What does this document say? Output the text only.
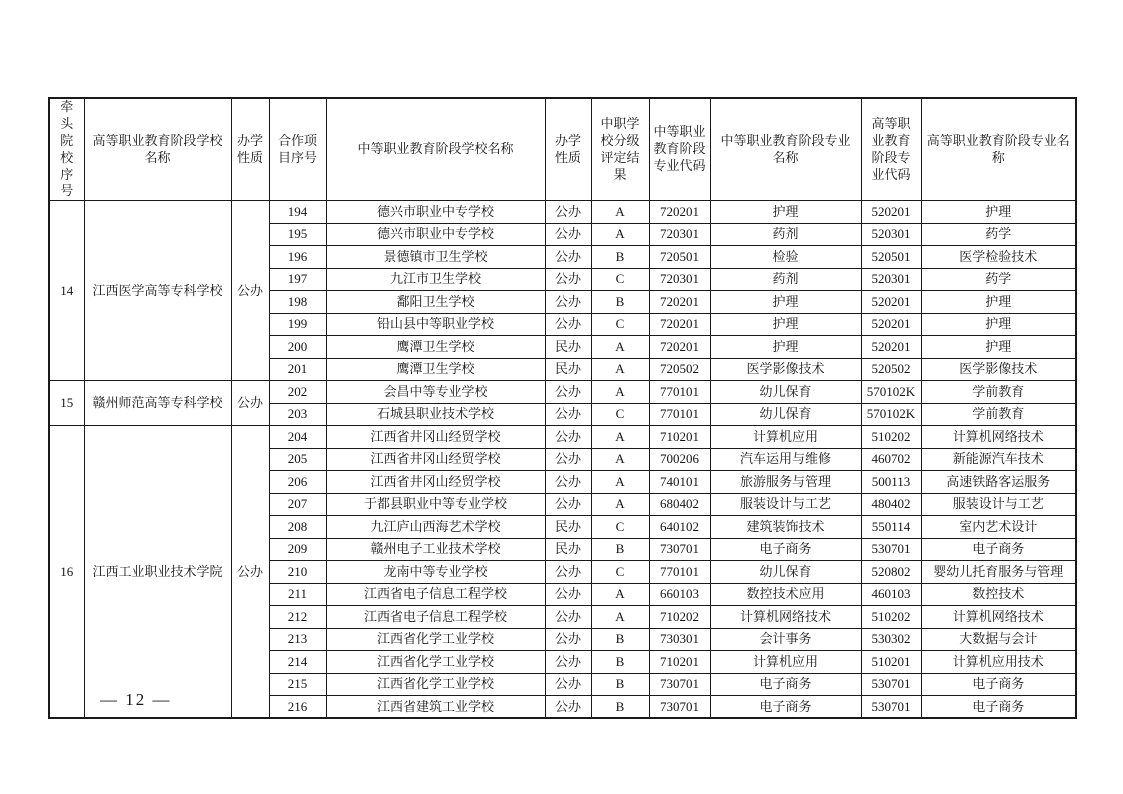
牵头院校序号	高等职业教育阶段学校名称	办学性质	合作项目序号	中等职业教育阶段学校名称	办学性质	中职学校分级评定结果	中等职业教育阶段专业代码	中等职业教育阶段专业名称	高等职业教育阶段专业代码	高等职业教育阶段专业名称
14	江西医学高等专科学校	公办	194	德兴市职业中专学校	公办	A	720201	护理	520201	护理
			195	德兴市职业中专学校	公办	A	720301	药剂	520301	药学
			196	景德镇市卫生学校	公办	B	720501	检验	520501	医学检验技术
			197	九江市卫生学校	公办	C	720301	药剂	520301	药学
			198	鄱阳卫生学校	公办	B	720201	护理	520201	护理
			199	铅山县中等职业学校	公办	C	720201	护理	520201	护理
			200	鹰潭卫生学校	民办	A	720201	护理	520201	护理
			201	鹰潭卫生学校	民办	A	720502	医学影像技术	520502	医学影像技术
15	赣州师范高等专科学校	公办	202	会昌中等专业学校	公办	A	770101	幼儿保育	570102K	学前教育
			203	石城县职业技术学校	公办	C	770101	幼儿保育	570102K	学前教育
16	江西工业职业技术学院	公办	204	江西省井冈山经贸学校	公办	A	710201	计算机应用	510202	计算机网络技术
			205	江西省井冈山经贸学校	公办	A	700206	汽车运用与维修	460702	新能源汽车技术
			206	江西省井冈山经贸学校	公办	A	740101	旅游服务与管理	500113	高速铁路客运服务
			207	于都县职业中等专业学校	公办	A	680402	服装设计与工艺	480402	服装设计与工艺
			208	九江庐山西海艺术学校	民办	C	640102	建筑装饰技术	550114	室内艺术设计
			209	赣州电子工业技术学校	民办	B	730701	电子商务	530701	电子商务
			210	龙南中等专业学校	公办	C	770101	幼儿保育	520802	婴幼儿托育服务与管理
			211	江西省电子信息工程学校	公办	A	660103	数控技术应用	460103	数控技术
			212	江西省电子信息工程学校	公办	A	710202	计算机网络技术	510202	计算机网络技术
			213	江西省化学工业学校	公办	B	730301	会计事务	530302	大数据与会计
			214	江西省化学工业学校	公办	B	710201	计算机应用	510201	计算机应用技术
			215	江西省化学工业学校	公办	B	730701	电子商务	530701	电子商务
			216	江西省建筑工业学校	公办	B	730701	电子商务	530701	电子商务
— 12 —
